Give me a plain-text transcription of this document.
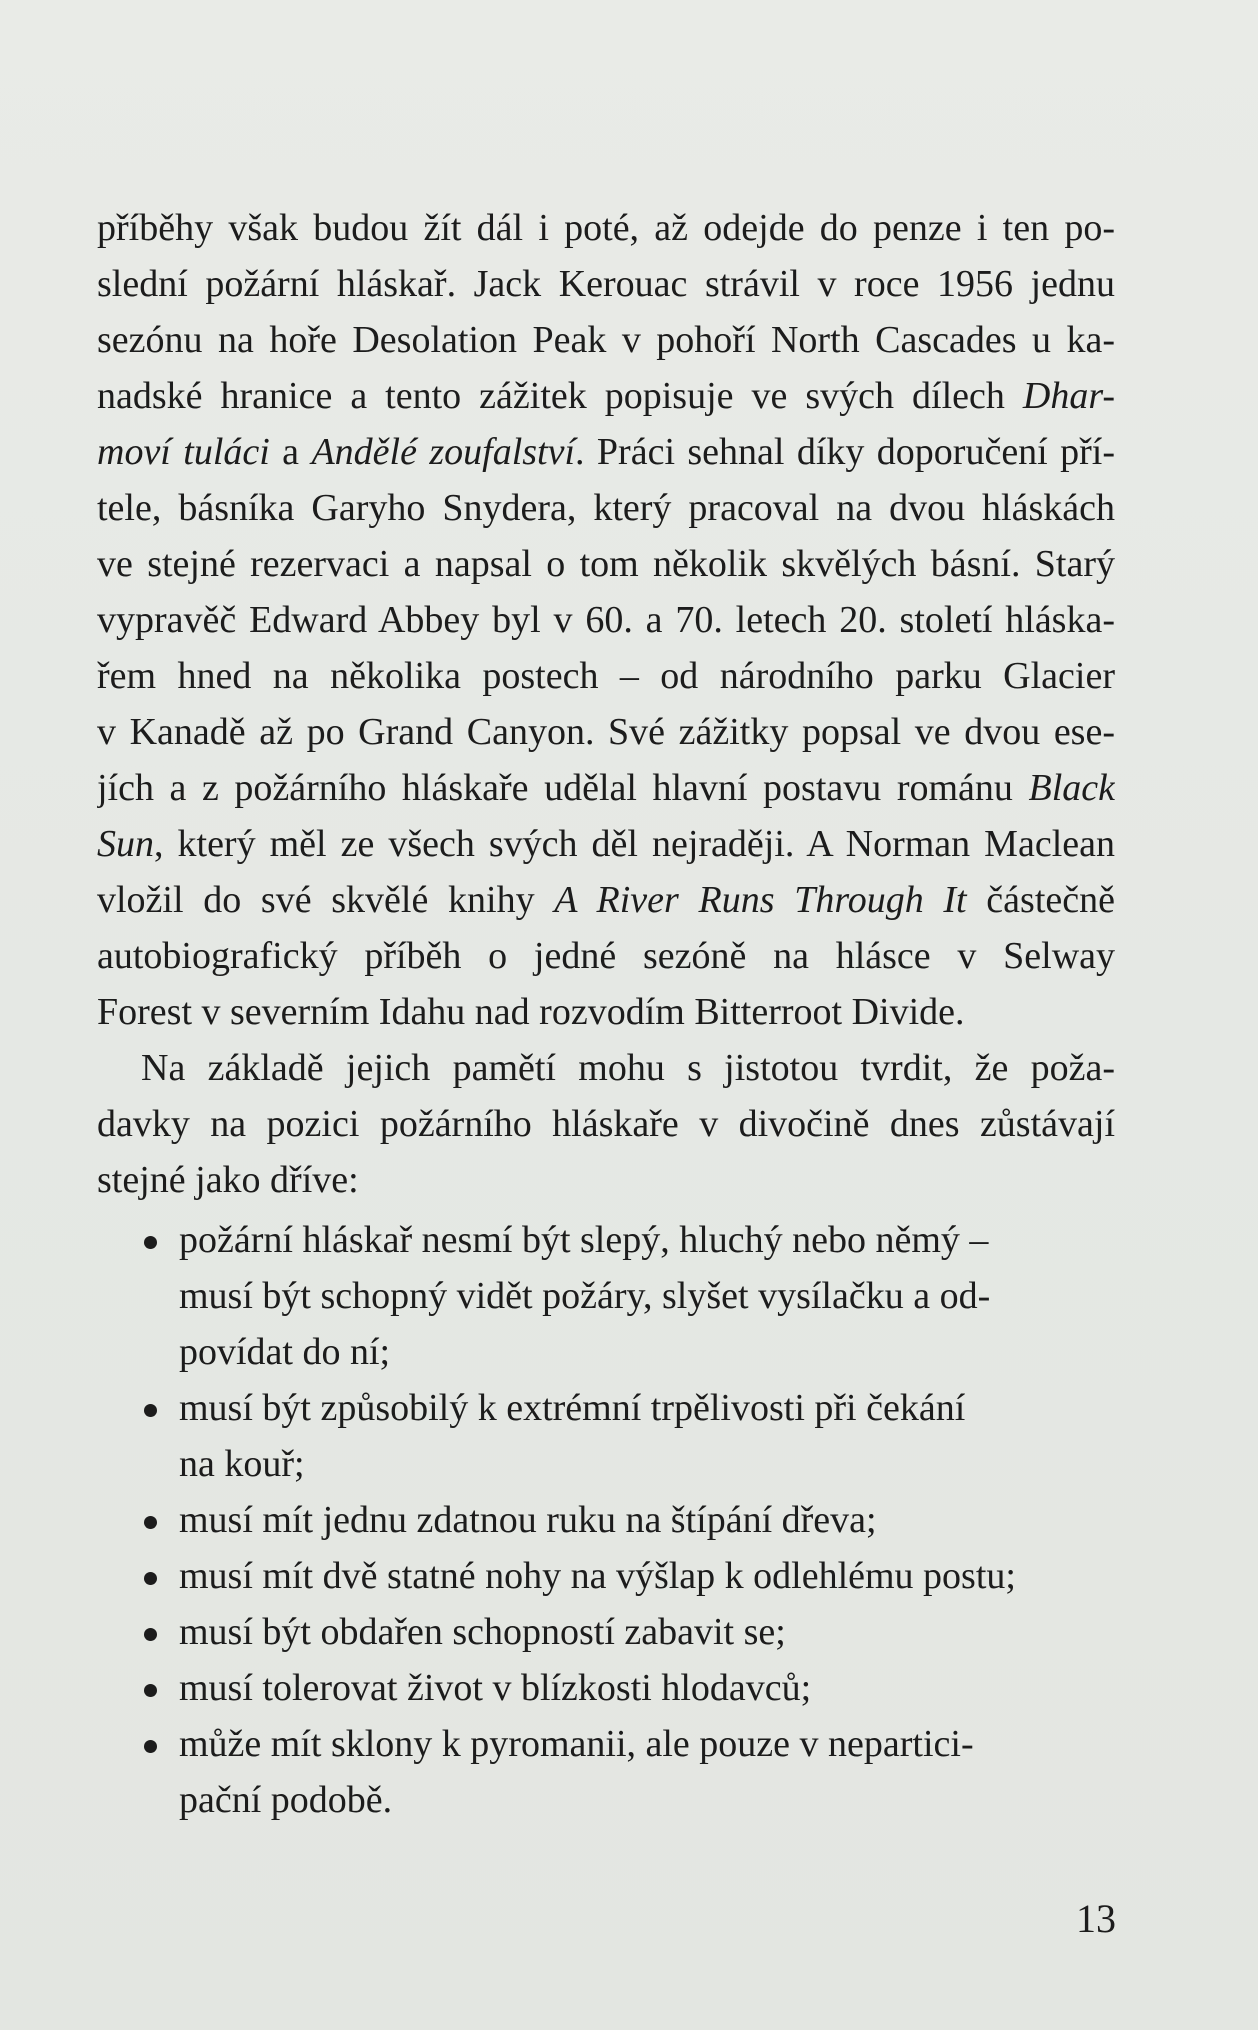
příběhy však budou žít dál i poté, až odejde do penze i ten po-
slední požární hláskař. Jack Kerouac strávil v roce 1956 jednu
sezónu na hoře Desolation Peak v pohoří North Cascades u ka-
nadské hranice a tento zážitek popisuje ve svých dílech Dhar-
moví tuláci a Andělé zoufalství. Práci sehnal díky doporučení pří-
tele, básníka Garyho Snydera, který pracoval na dvou hláskách
ve stejné rezervaci a napsal o tom několik skvělých básní. Starý
vypravěč Edward Abbey byl v 60. a 70. letech 20. století hláska-
řem hned na několika postech – od národního parku Glacier
v Kanadě až po Grand Canyon. Své zážitky popsal ve dvou ese-
jích a z požárního hláskaře udělal hlavní postavu románu Black
Sun, který měl ze všech svých děl nejraději. A Norman Maclean
vložil do své skvělé knihy A River Runs Through It částečně
autobiografický příběh o jedné sezóně na hlásce v Selway
Forest v severním Idahu nad rozvodím Bitterroot Divide.
Na základě jejich pamětí mohu s jistotou tvrdit, že poža-
davky na pozici požárního hláskaře v divočině dnes zůstávají
stejné jako dříve:
požární hláskař nesmí být slepý, hluchý nebo němý –
musí být schopný vidět požáry, slyšet vysílačku a od-
povídat do ní;
musí být způsobilý k extrémní trpělivosti při čekání
na kouř;
musí mít jednu zdatnou ruku na štípání dřeva;
musí mít dvě statné nohy na výšlap k odlehlému postu;
musí být obdařen schopností zabavit se;
musí tolerovat život v blízkosti hlodavců;
může mít sklony k pyromanii, ale pouze v nepartici-
pační podobě.
13
